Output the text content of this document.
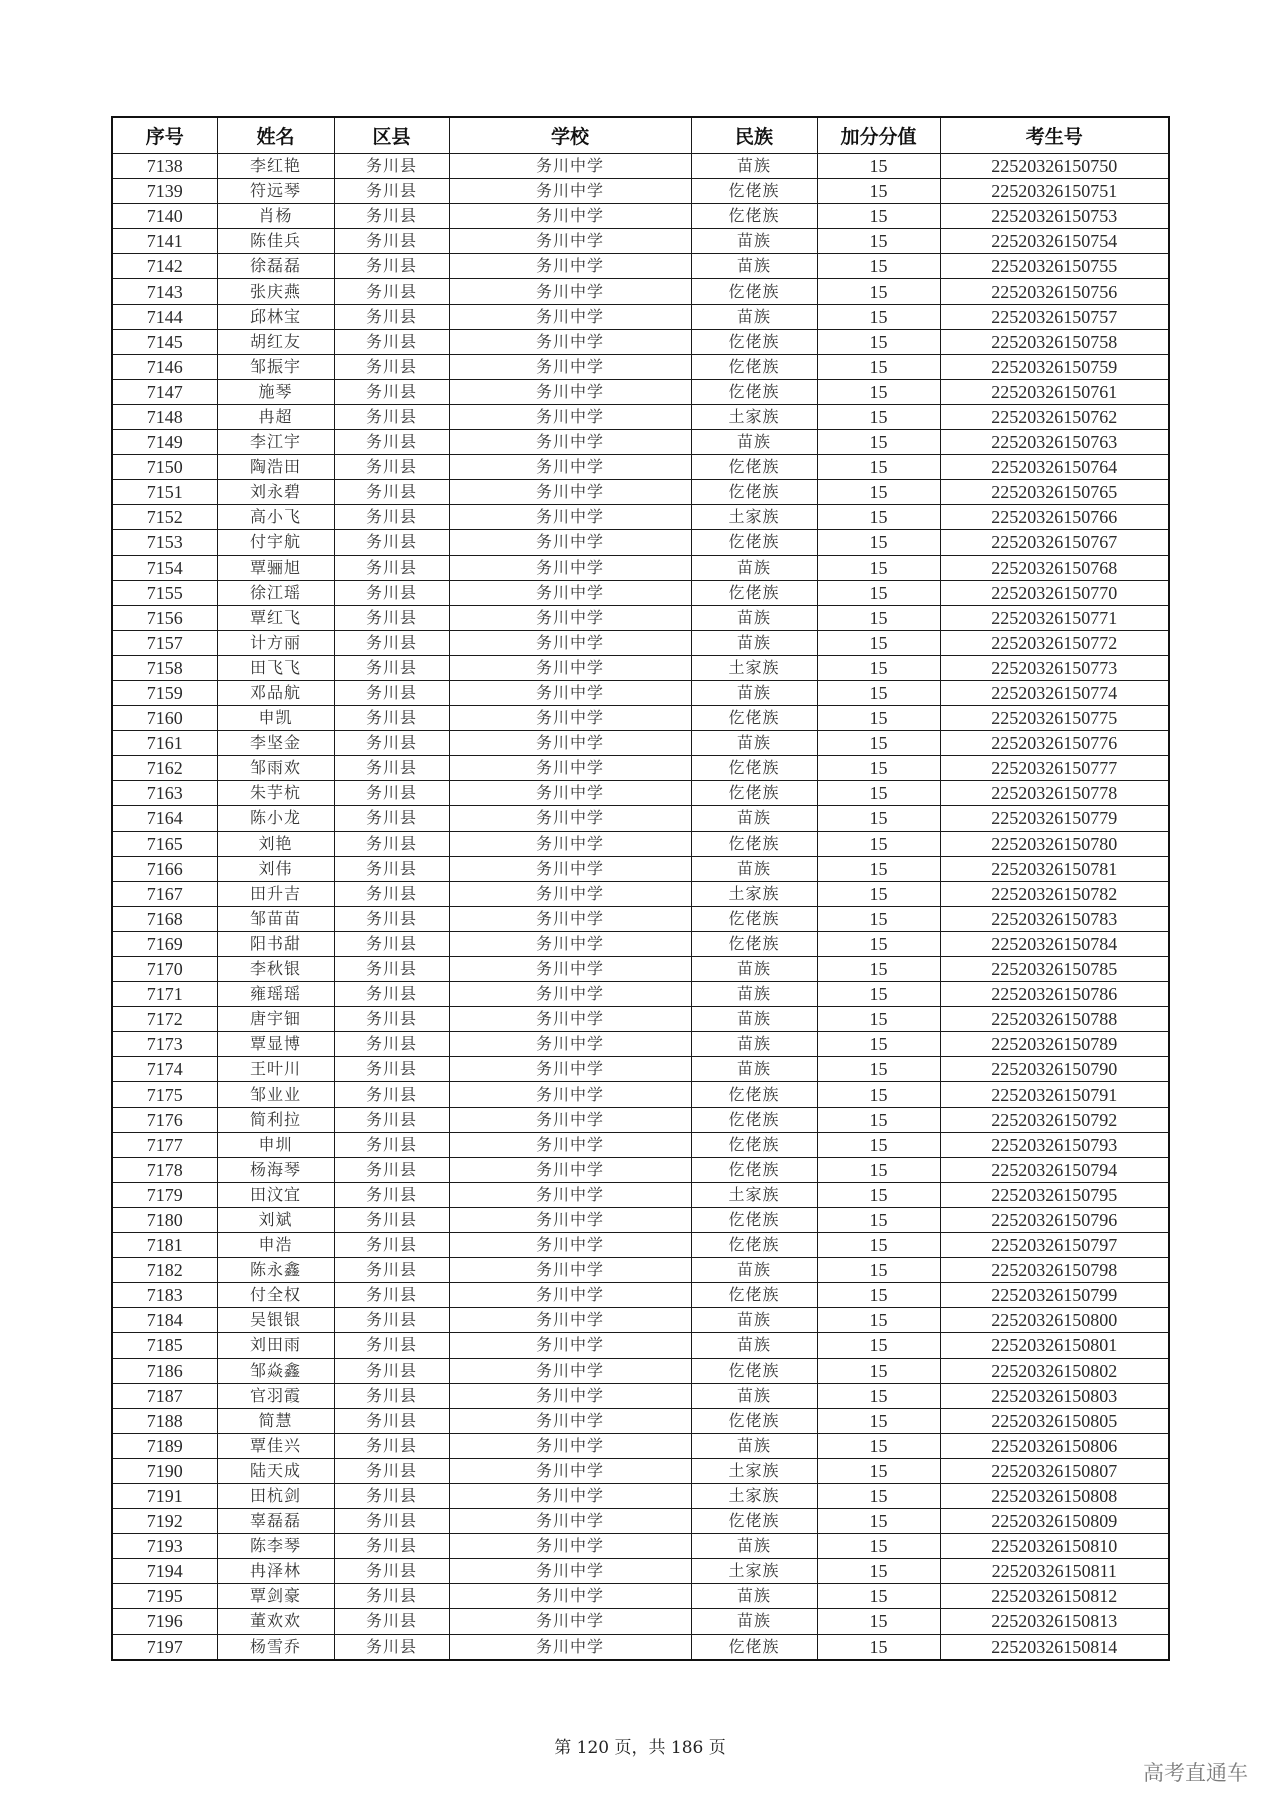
序号	姓名	区县	学校	民族	加分分值	考生号
7138	李红艳	务川县	务川中学	苗族	15	22520326150750
7139	符远琴	务川县	务川中学	仡佬族	15	22520326150751
7140	肖杨	务川县	务川中学	仡佬族	15	22520326150753
7141	陈佳兵	务川县	务川中学	苗族	15	22520326150754
7142	徐磊磊	务川县	务川中学	苗族	15	22520326150755
7143	张庆燕	务川县	务川中学	仡佬族	15	22520326150756
7144	邱林宝	务川县	务川中学	苗族	15	22520326150757
7145	胡红友	务川县	务川中学	仡佬族	15	22520326150758
7146	邹振宇	务川县	务川中学	仡佬族	15	22520326150759
7147	施琴	务川县	务川中学	仡佬族	15	22520326150761
7148	冉超	务川县	务川中学	土家族	15	22520326150762
7149	李江宇	务川县	务川中学	苗族	15	22520326150763
7150	陶浩田	务川县	务川中学	仡佬族	15	22520326150764
7151	刘永碧	务川县	务川中学	仡佬族	15	22520326150765
7152	高小飞	务川县	务川中学	土家族	15	22520326150766
7153	付宇航	务川县	务川中学	仡佬族	15	22520326150767
7154	覃骊旭	务川县	务川中学	苗族	15	22520326150768
7155	徐江瑶	务川县	务川中学	仡佬族	15	22520326150770
7156	覃红飞	务川县	务川中学	苗族	15	22520326150771
7157	计方丽	务川县	务川中学	苗族	15	22520326150772
7158	田飞飞	务川县	务川中学	土家族	15	22520326150773
7159	邓品航	务川县	务川中学	苗族	15	22520326150774
7160	申凯	务川县	务川中学	仡佬族	15	22520326150775
7161	李坚金	务川县	务川中学	苗族	15	22520326150776
7162	邹雨欢	务川县	务川中学	仡佬族	15	22520326150777
7163	朱芋杭	务川县	务川中学	仡佬族	15	22520326150778
7164	陈小龙	务川县	务川中学	苗族	15	22520326150779
7165	刘艳	务川县	务川中学	仡佬族	15	22520326150780
7166	刘伟	务川县	务川中学	苗族	15	22520326150781
7167	田升吉	务川县	务川中学	土家族	15	22520326150782
7168	邹苗苗	务川县	务川中学	仡佬族	15	22520326150783
7169	阳书甜	务川县	务川中学	仡佬族	15	22520326150784
7170	李秋银	务川县	务川中学	苗族	15	22520326150785
7171	雍瑶瑶	务川县	务川中学	苗族	15	22520326150786
7172	唐宇钿	务川县	务川中学	苗族	15	22520326150788
7173	覃显博	务川县	务川中学	苗族	15	22520326150789
7174	王叶川	务川县	务川中学	苗族	15	22520326150790
7175	邹业业	务川县	务川中学	仡佬族	15	22520326150791
7176	简利拉	务川县	务川中学	仡佬族	15	22520326150792
7177	申圳	务川县	务川中学	仡佬族	15	22520326150793
7178	杨海琴	务川县	务川中学	仡佬族	15	22520326150794
7179	田汶宜	务川县	务川中学	土家族	15	22520326150795
7180	刘斌	务川县	务川中学	仡佬族	15	22520326150796
7181	申浩	务川县	务川中学	仡佬族	15	22520326150797
7182	陈永鑫	务川县	务川中学	苗族	15	22520326150798
7183	付全权	务川县	务川中学	仡佬族	15	22520326150799
7184	吴银银	务川县	务川中学	苗族	15	22520326150800
7185	刘田雨	务川县	务川中学	苗族	15	22520326150801
7186	邹焱鑫	务川县	务川中学	仡佬族	15	22520326150802
7187	官羽霞	务川县	务川中学	苗族	15	22520326150803
7188	简慧	务川县	务川中学	仡佬族	15	22520326150805
7189	覃佳兴	务川县	务川中学	苗族	15	22520326150806
7190	陆天成	务川县	务川中学	土家族	15	22520326150807
7191	田杭剑	务川县	务川中学	土家族	15	22520326150808
7192	辜磊磊	务川县	务川中学	仡佬族	15	22520326150809
7193	陈李琴	务川县	务川中学	苗族	15	22520326150810
7194	冉泽林	务川县	务川中学	土家族	15	22520326150811
7195	覃剑豪	务川县	务川中学	苗族	15	22520326150812
7196	董欢欢	务川县	务川中学	苗族	15	22520326150813
7197	杨雪乔	务川县	务川中学	仡佬族	15	22520326150814
第 120 页，共 186 页
高考直通车
